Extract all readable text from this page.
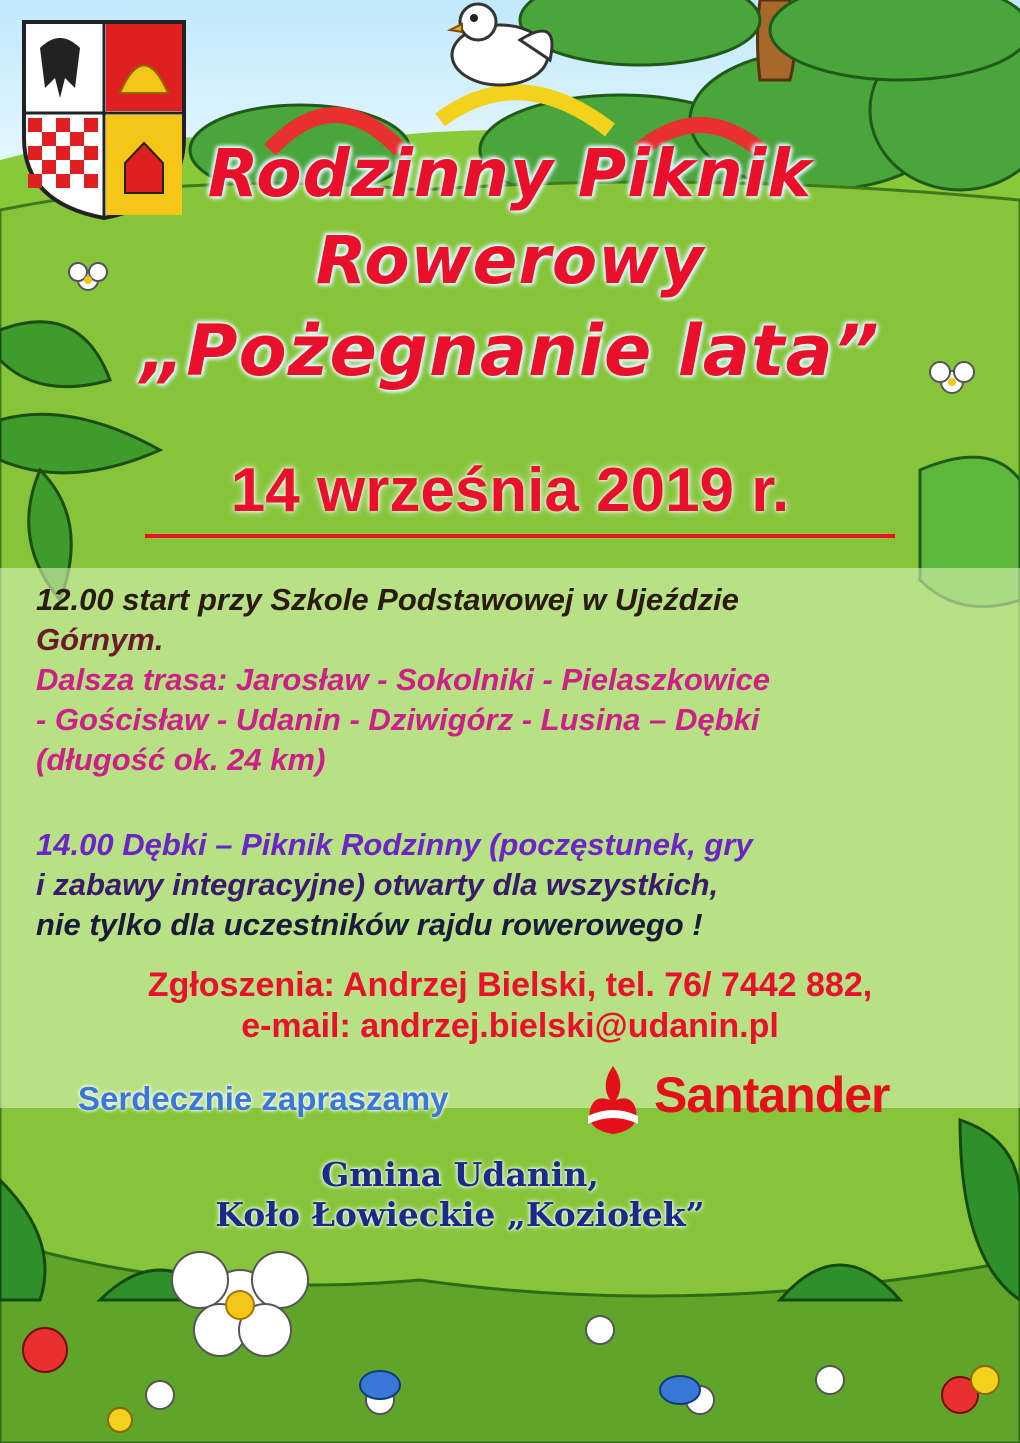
Rodzinny Piknik
Rowerowy
„Pożegnanie lata”
14 września 2019 r.
12.00 start przy Szkole Podstawowej w Ujeździe
Górnym.
Dalsza trasa: Jarosław - Sokolniki - Pielaszkowice
- Gościsław - Udanin - Dziwigórz - Lusina – Dębki
(długość ok. 24 km)
14.00 Dębki – Piknik Rodzinny (poczęstunek, gry
i zabawy integracyjne) otwarty dla wszystkich,
nie tylko dla uczestników rajdu rowerowego !
Zgłoszenia: Andrzej Bielski, tel. 76/ 7442 882,
e-mail: andrzej.bielski@udanin.pl
Serdecznie zapraszamy	Santander
Gmina Udanin,
Koło Łowieckie „Koziołek”
